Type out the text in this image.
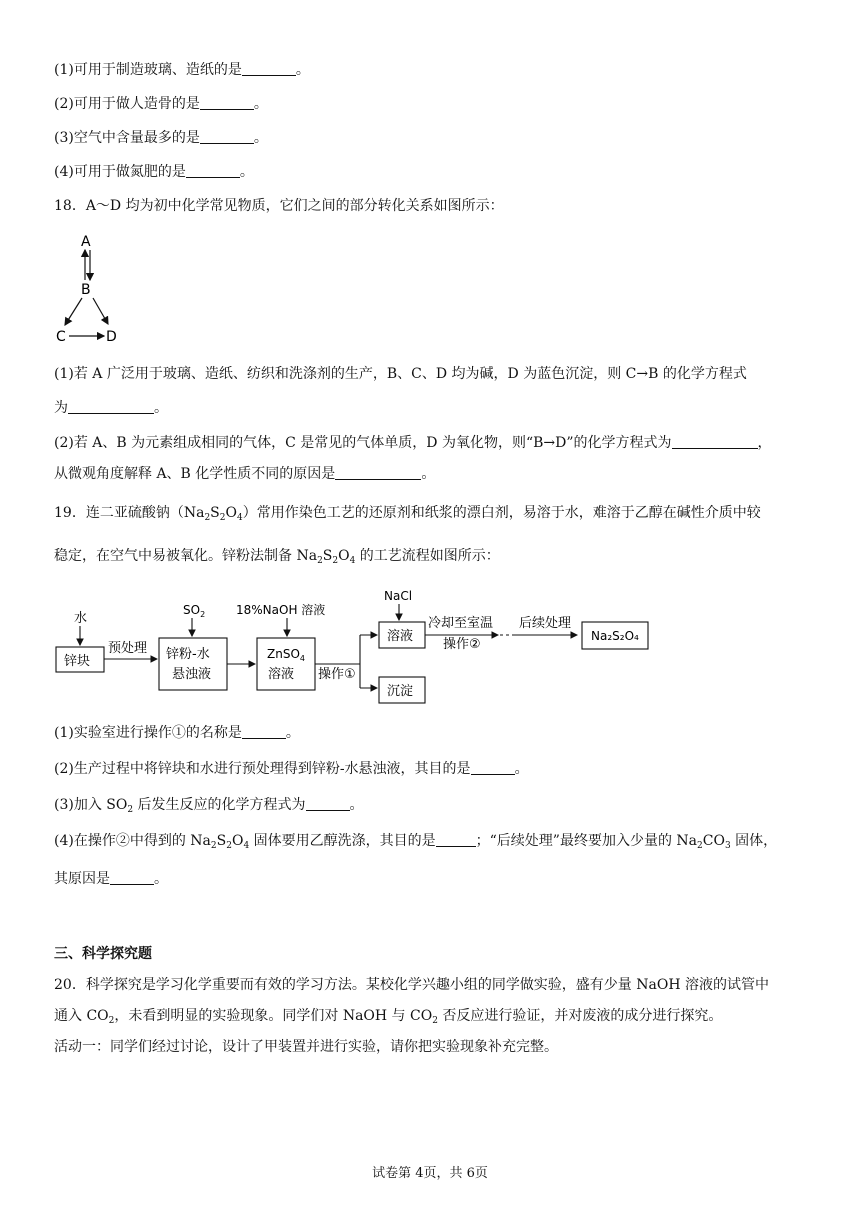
(1)可用于制造玻璃、造纸的是	。
(2)可用于做人造骨的是	。
(3)空气中含量最多的是	。
(4)可用于做氮肥的是	。
18．A～D 均为初中化学常见物质，它们之间的部分转化关系如图所示：
A
B
C	D
(1)若 A 广泛用于玻璃、造纸、纺织和洗涤剂的生产，B、C、D 均为碱，D 为蓝色沉淀，则 C→B 的化学方程式
为	。
(2)若 A、B 为元素组成相同的气体，C 是常见的气体单质，D 为氧化物，则“B→D”的化学方程式为	，
从微观角度解释 A、B 化学性质不同的原因是	。
19．连二亚硫酸钠$(Na_2S_2O_4)$常用作染色工艺的还原剂和纸浆的漂白剂，易溶于水，难溶于乙醇在碱性介质中较
稳定，在空气中易被氧化。锌粉法制备 $Na_2S_2O_4$ 的工艺流程如图所示：
水
锌块
预处理
$SO_2$
锌粉-水
悬浊液
18%NaOH 溶液
ZnSO$_4$
溶液 操作①
NaCl
溶液
沉淀
冷却至室温
操作②
后续处理
Na₂S₂O₄
(1)实验室进行操作①的名称是	。
(2)生产过程中将锌块和水进行预处理得到锌粉-水悬浊液，其目的是	。
(3)加入 $SO_2$ 后发生反应的化学方程式为	。
(4)在操作②中得到的 $Na_2S_2O_4$ 固体要用乙醇洗涤，其目的是	；“后续处理”最终要加入少量的 $Na_2CO_3$ 固体，
其原因是	。
三、科学探究题
20．科学探究是学习化学重要而有效的学习方法。某校化学兴趣小组的同学做实验，盛有少量 NaOH 溶液的试管中
通入 $CO_2$，未看到明显的实验现象。同学们对 NaOH 与 $CO_2$ 否反应进行验证，并对废液的成分进行探究。
活动一：同学们经过讨论，设计了甲装置并进行实验，请你把实验现象补充完整。
试卷第 4页，共 6页
